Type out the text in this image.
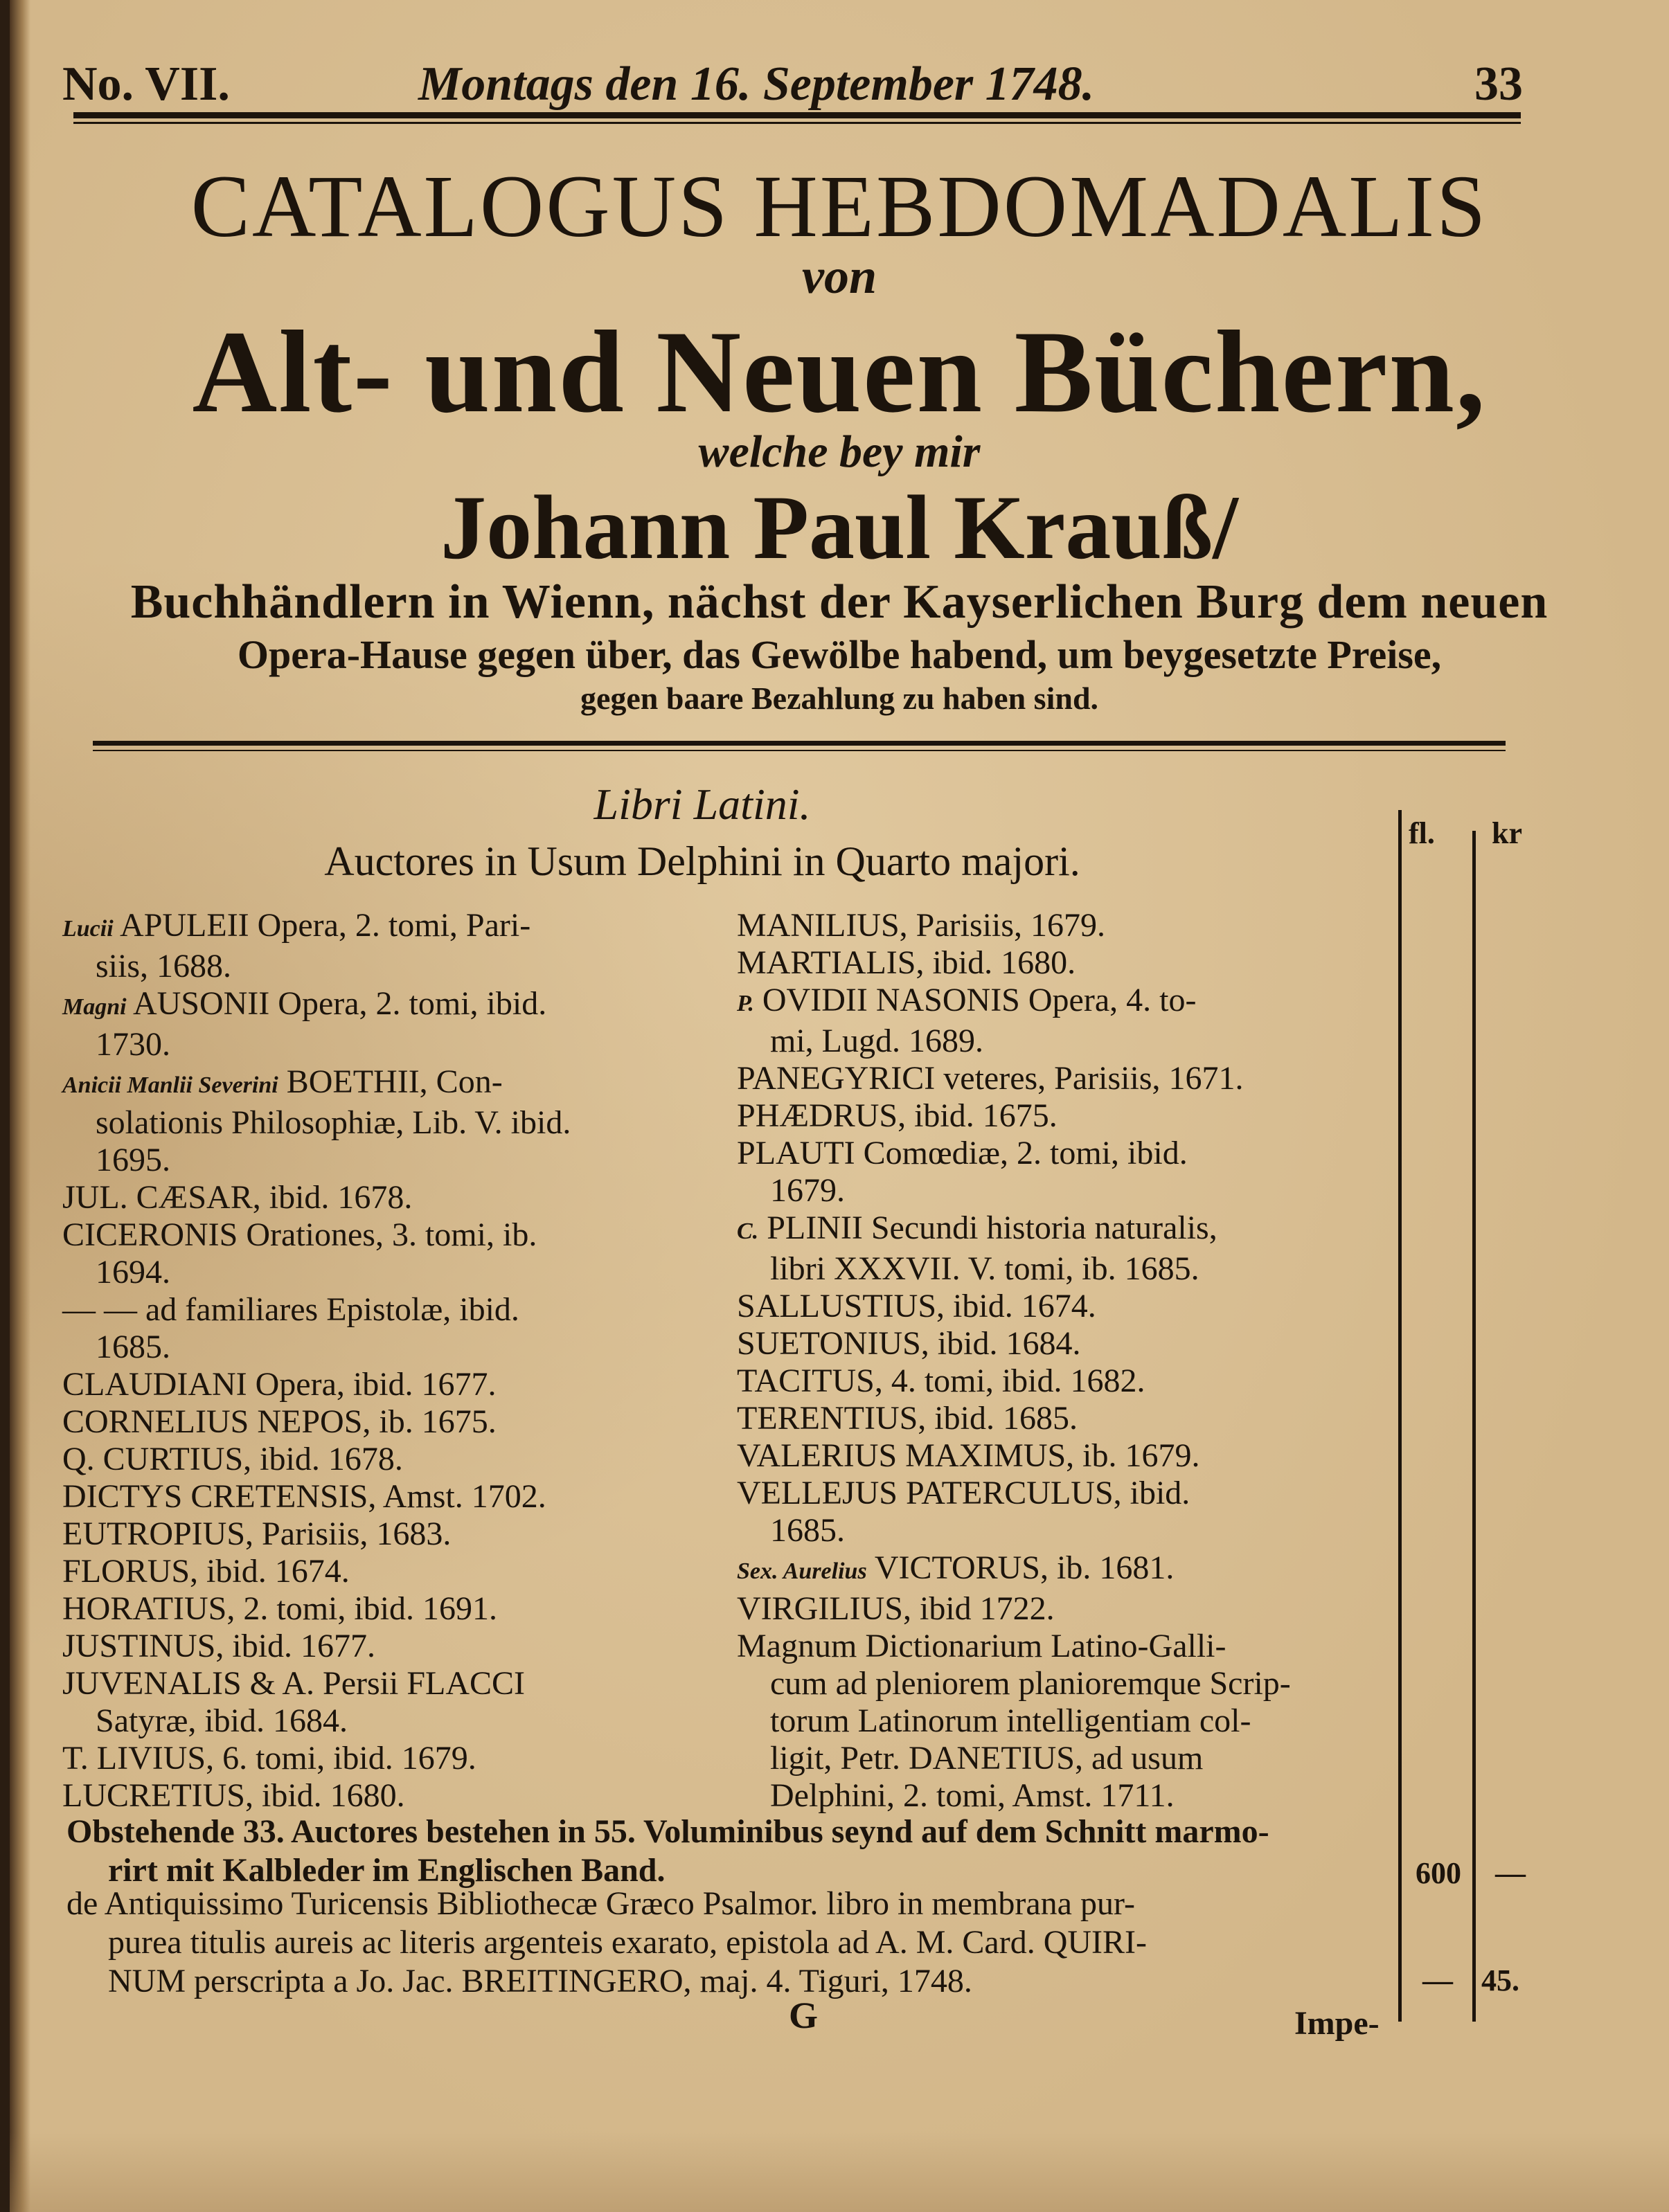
No. VII.	Montags den 16. September 1748.	33
CATALOGUS HEBDOMADALIS
von
Alt- und Neuen Büchern,
welche bey mir
Johann Paul Krauß/
Buchhändlern in Wienn, nächst der Kayserlichen Burg dem neuen
Opera-Hause gegen über, das Gewölbe habend, um beygesetzte Preise,
gegen baare Bezahlung zu haben sind.
Libri Latini.
Auctores in Usum Delphini in Quarto majori.
fl. kr
Lucii APULEII Opera, 2. tomi, Pari-
siis, 1688.
Magni AUSONII Opera, 2. tomi, ibid.
1730.
Anicii Manlii Severini BOETHII, Con-
solationis Philosophiæ, Lib. V. ibid.
1695.
JUL. CÆSAR, ibid. 1678.
CICERONIS Orationes, 3. tomi, ib.
1694.
— — ad familiares Epistolæ, ibid.
1685.
CLAUDIANI Opera, ibid. 1677.
CORNELIUS NEPOS, ib. 1675.
Q. CURTIUS, ibid. 1678.
DICTYS CRETENSIS, Amst. 1702.
EUTROPIUS, Parisiis, 1683.
FLORUS, ibid. 1674.
HORATIUS, 2. tomi, ibid. 1691.
JUSTINUS, ibid. 1677.
JUVENALIS & A. Persii FLACCI
Satyræ, ibid. 1684.
T. LIVIUS, 6. tomi, ibid. 1679.
LUCRETIUS, ibid. 1680.
MANILIUS, Parisiis, 1679.
MARTIALIS, ibid. 1680.
P. OVIDII NASONIS Opera, 4. to-
mi, Lugd. 1689.
PANEGYRICI veteres, Parisiis, 1671.
PHÆDRUS, ibid. 1675.
PLAUTI Comœdiæ, 2. tomi, ibid.
1679.
C. PLINII Secundi historia naturalis,
libri XXXVII. V. tomi, ib. 1685.
SALLUSTIUS, ibid. 1674.
SUETONIUS, ibid. 1684.
TACITUS, 4. tomi, ibid. 1682.
TERENTIUS, ibid. 1685.
VALERIUS MAXIMUS, ib. 1679.
VELLEJUS PATERCULUS, ibid.
1685.
Sex. Aurelius VICTORUS, ib. 1681.
VIRGILIUS, ibid 1722.
Magnum Dictionarium Latino-Galli-
cum ad pleniorem planioremque Scrip-
torum Latinorum intelligentiam col-
ligit, Petr. DANETIUS, ad usum
Delphini, 2. tomi, Amst. 1711.
Obstehende 33. Auctores bestehen in 55. Voluminibus seynd auf dem Schnitt marmo-
rirt mit Kalbleder im Englischen Band.	600 —
de Antiquissimo Turicensis Bibliothecæ Græco Psalmor. libro in membrana pur-
purea titulis aureis ac literis argenteis exarato, epistola ad A. M. Card. QUIRI-
NUM perscripta a Jo. Jac. BREITINGERO, maj. 4. Tiguri, 1748.	— 45.
G	Impe-
